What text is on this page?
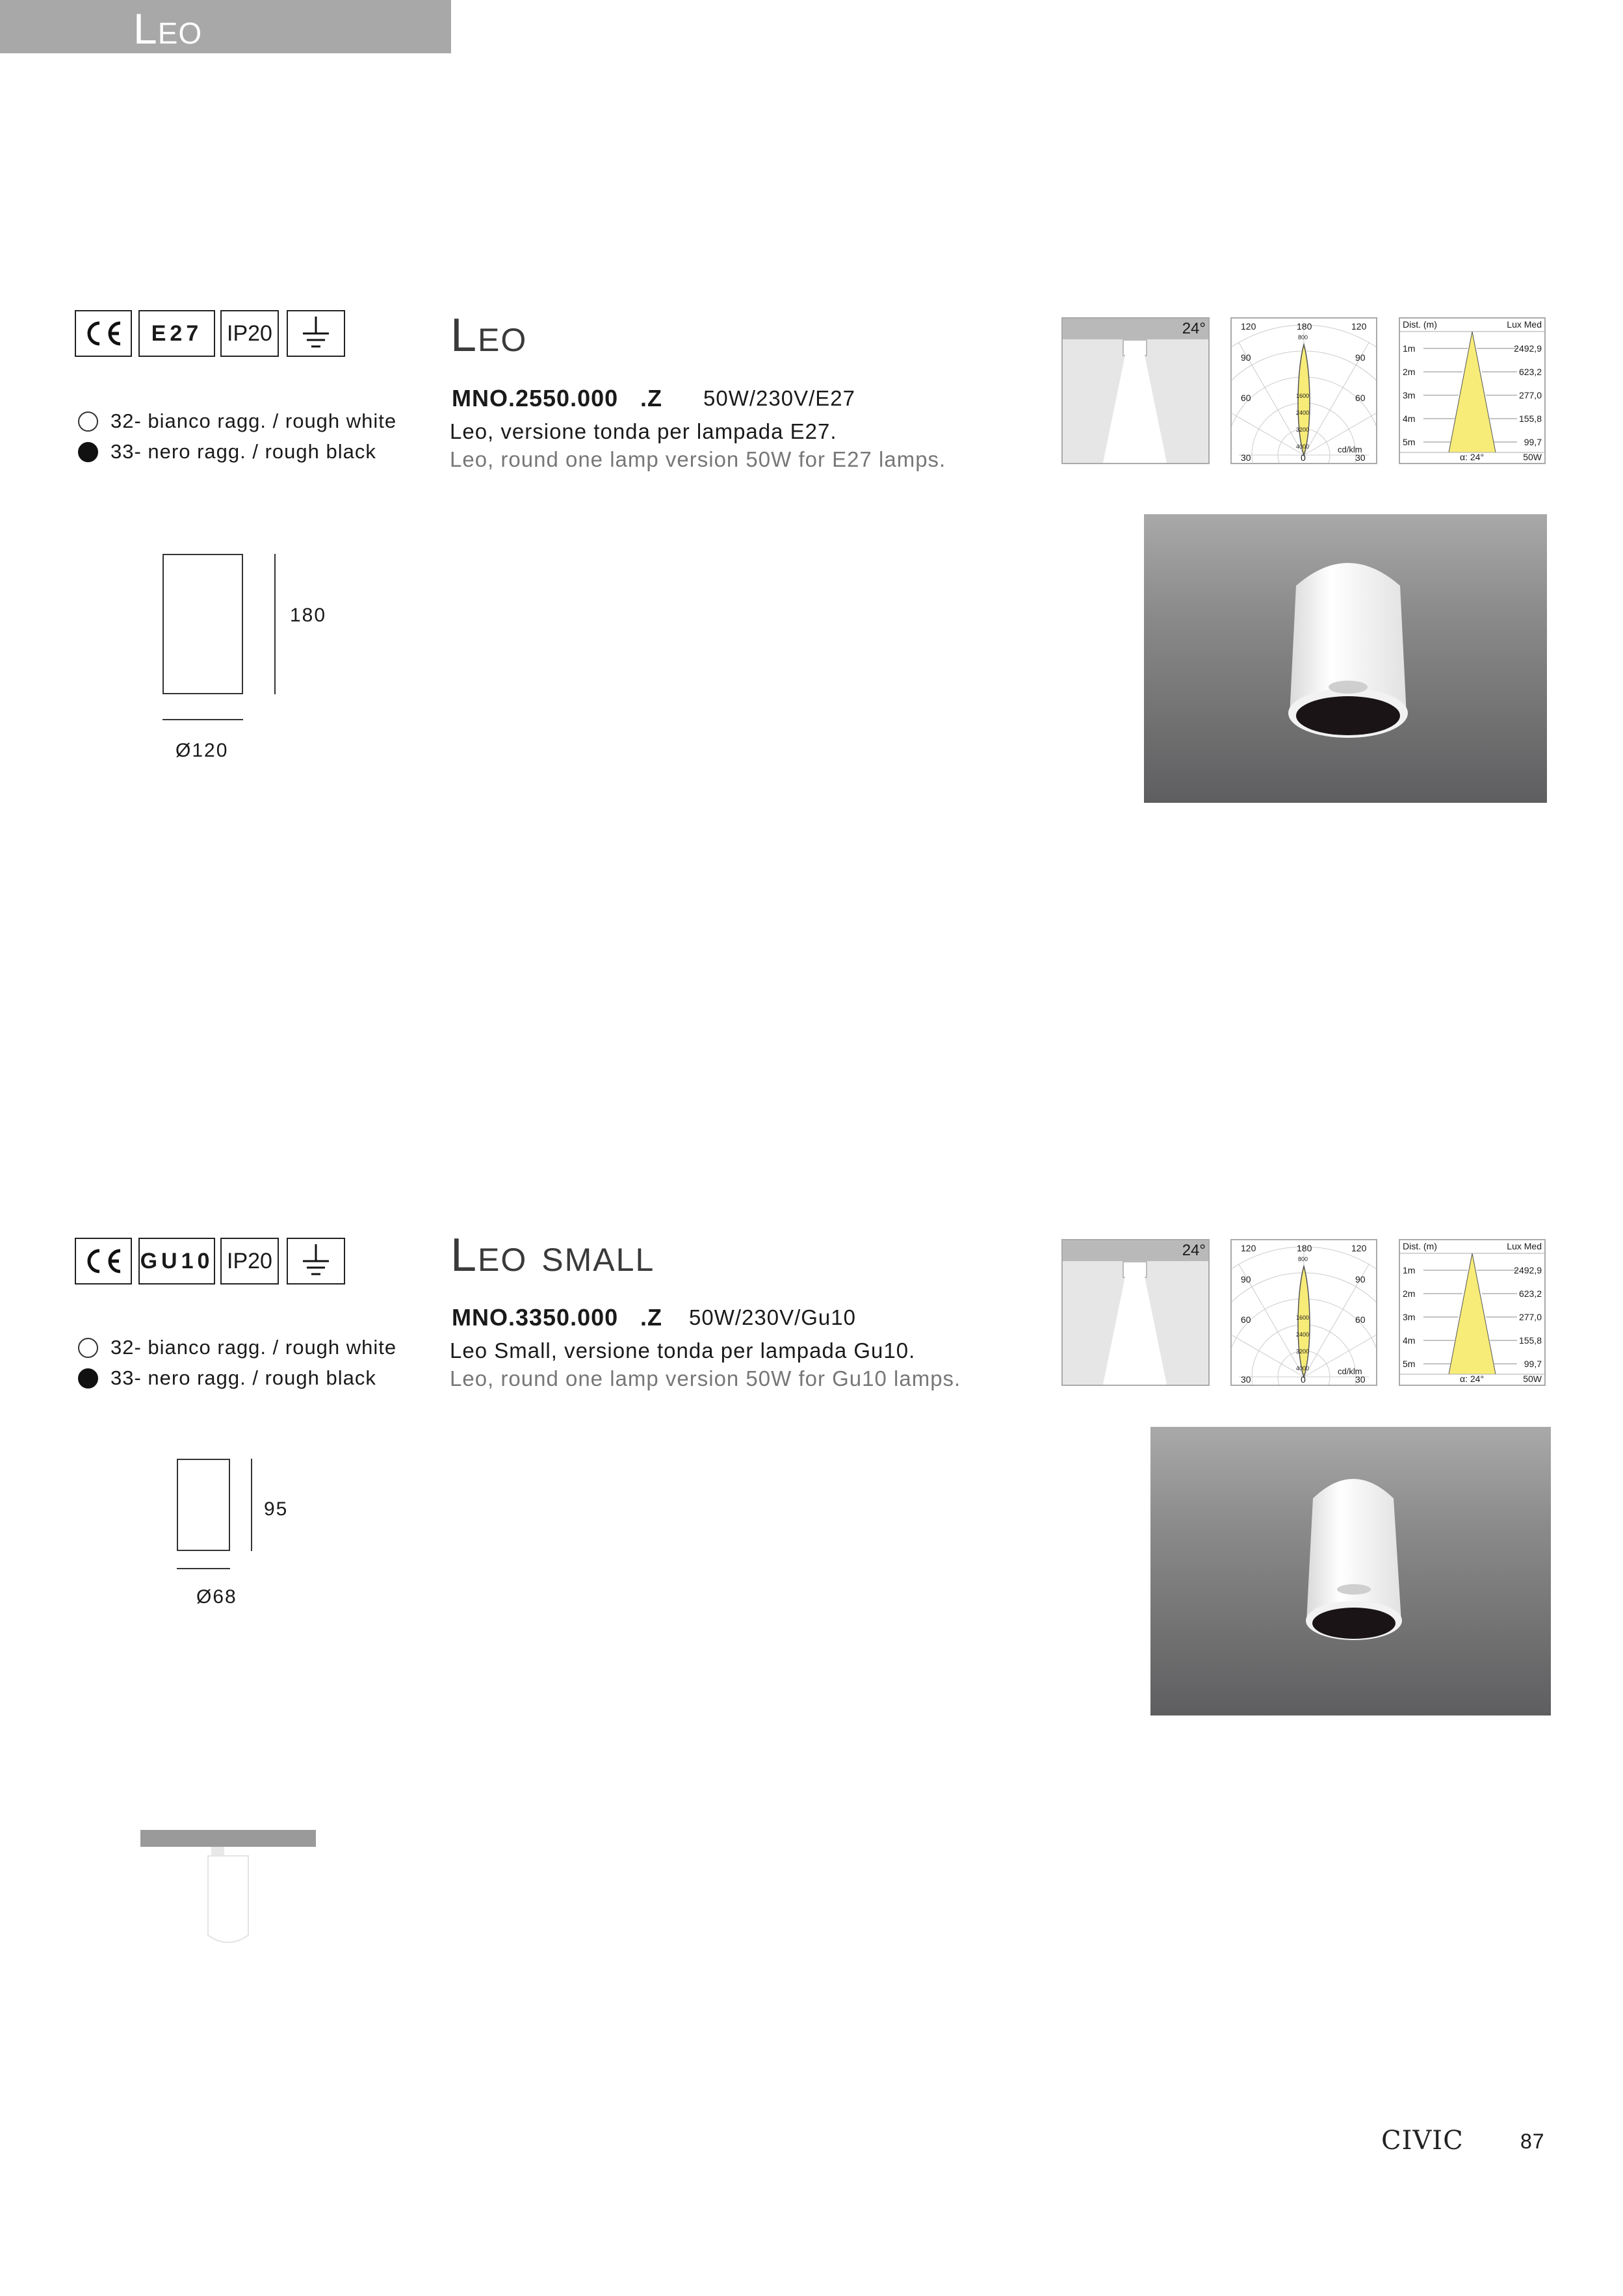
Leo
E27 IP20
32- bianco ragg. / rough white
33- nero ragg. / rough black
Leo
MNO.2550.000 .Z 50W/230V/E27
Leo, versione tonda per lampada E27.
Leo, round one lamp version 50W for E27 lamps.
24°	120	180	120
800
90	90
1600
60	60
2400
3200
4000	cd/klm
30	0	30
Dist. (m)	Lux Med
1m	2492,9
2m	623,2
3m	277,0
4m	155,8
5m	99,7
α: 24°	50W
180
Ø120
GU10 IP20
32- bianco ragg. / rough white
33- nero ragg. / rough black
Leo small
MNO.3350.000 .Z 50W/230V/Gu10
Leo Small, versione tonda per lampada Gu10.
Leo, round one lamp version 50W for Gu10 lamps.
24°	120	180	120
800
90	90
1600
60	60
2400
3200
4000	cd/klm
30	0	30
Dist. (m)	Lux Med
1m	2492,9
2m	623,2
3m	277,0
4m	155,8
5m	99,7
α: 24°	50W
95
Ø68
CIVIC	87
